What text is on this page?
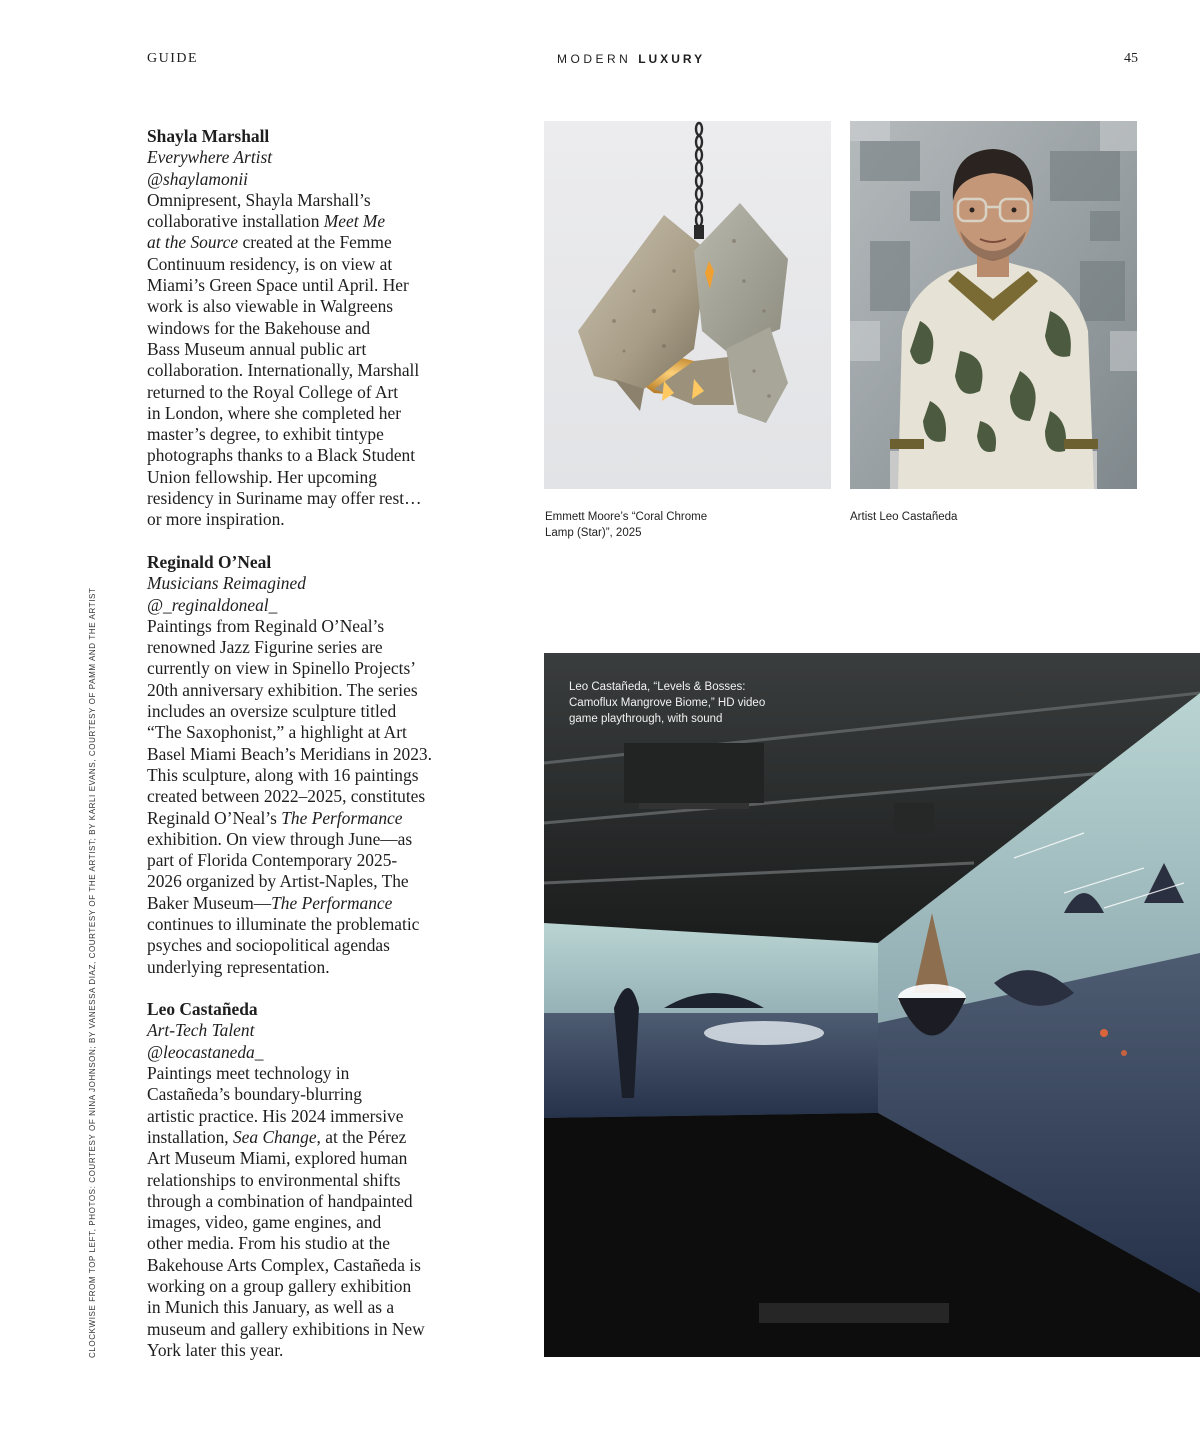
GUIDE	MODERN LUXURY	45
Shayla Marshall
Everywhere Artist
@shaylamonii
Omnipresent, Shayla Marshall’s
collaborative installation Meet Me
at the Source created at the Femme
Continuum residency, is on view at
Miami’s Green Space until April. Her
work is also viewable in Walgreens
windows for the Bakehouse and
Bass Museum annual public art
collaboration. Internationally, Marshall
returned to the Royal College of Art
in London, where she completed her
master’s degree, to exhibit tintype
photographs thanks to a Black Student
Union fellowship. Her upcoming
residency in Suriname may offer rest…
or more inspiration.
Reginald O’Neal
Musicians Reimagined
@_reginaldoneal_
Paintings from Reginald O’Neal’s
renowned Jazz Figurine series are
currently on view in Spinello Projects’
20th anniversary exhibition. The series
includes an oversize sculpture titled
“The Saxophonist,” a highlight at Art
Basel Miami Beach’s Meridians in 2023.
This sculpture, along with 16 paintings
created between 2022–2025, constitutes
Reginald O’Neal’s The Performance
exhibition. On view through June—as
part of Florida Contemporary 2025-
2026 organized by Artist-Naples, The
Baker Museum—The Performance
continues to illuminate the problematic
psyches and sociopolitical agendas
underlying representation.
Leo Castañeda
Art-Tech Talent
@leocastaneda_
Paintings meet technology in
Castañeda’s boundary-blurring
artistic practice. His 2024 immersive
installation, Sea Change, at the Pérez
Art Museum Miami, explored human
relationships to environmental shifts
through a combination of handpainted
images, video, game engines, and
other media. From his studio at the
Bakehouse Arts Complex, Castañeda is
working on a group gallery exhibition
in Munich this January, as well as a
museum and gallery exhibitions in New
York later this year.
CLOCKWISE FROM TOP LEFT, PHOTOS: COURTESY OF NINA JOHNSON; BY VANESSA DIAZ, COURTESY OF THE ARTIST; BY KARLI EVANS, COURTESY OF PAMM AND THE ARTIST
Emmett Moore’s “Coral Chrome
Lamp (Star)”, 2025
Artist Leo Castañeda
Leo Castañeda, “Levels & Bosses:
Camoflux Mangrove Biome,” HD video
game playthrough, with sound
